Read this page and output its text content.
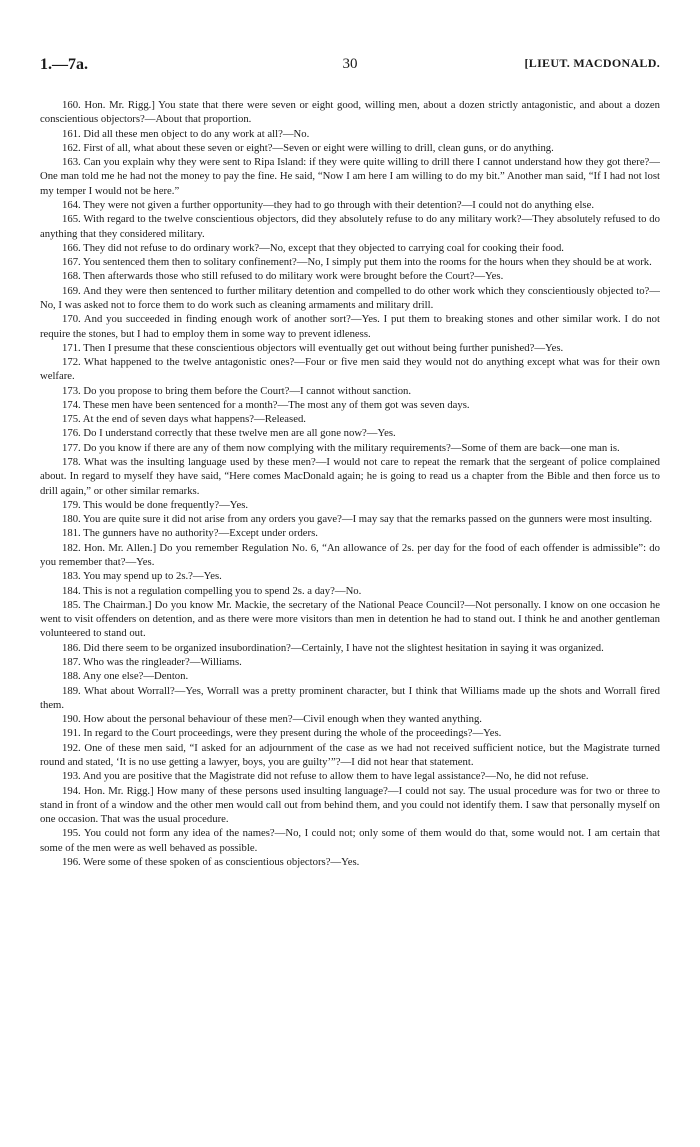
1.—7a.	30	[LIEUT. MACDONALD.

160. Hon. Mr. Rigg.] You state that there were seven or eight good, willing men, about a dozen strictly antagonistic, and about a dozen conscientious objectors?—About that proportion.

161. Did all these men object to do any work at all?—No.

162. First of all, what about these seven or eight?—Seven or eight were willing to drill, clean guns, or do anything.

163. Can you explain why they were sent to Ripa Island: if they were quite willing to drill there I cannot understand how they got there?—One man told me he had not the money to pay the fine. He said, “Now I am here I am willing to do my bit.” Another man said, “If I had not lost my temper I would not be here.”

164. They were not given a further opportunity—they had to go through with their detention?—I could not do anything else.

165. With regard to the twelve conscientious objectors, did they absolutely refuse to do any military work?—They absolutely refused to do anything that they considered military.

166. They did not refuse to do ordinary work?—No, except that they objected to carrying coal for cooking their food.

167. You sentenced them then to solitary confinement?—No, I simply put them into the rooms for the hours when they should be at work.

168. Then afterwards those who still refused to do military work were brought before the Court?—Yes.

169. And they were then sentenced to further military detention and compelled to do other work which they conscientiously objected to?—No, I was asked not to force them to do work such as cleaning armaments and military drill.

170. And you succeeded in finding enough work of another sort?—Yes. I put them to breaking stones and other similar work. I do not require the stones, but I had to employ them in some way to prevent idleness.

171. Then I presume that these conscientious objectors will eventually get out without being further punished?—Yes.

172. What happened to the twelve antagonistic ones?—Four or five men said they would not do anything except what was for their own welfare.

173. Do you propose to bring them before the Court?—I cannot without sanction.

174. These men have been sentenced for a month?—The most any of them got was seven days.

175. At the end of seven days what happens?—Released.

176. Do I understand correctly that these twelve men are all gone now?—Yes.

177. Do you know if there are any of them now complying with the military requirements?—Some of them are back—one man is.

178. What was the insulting language used by these men?—I would not care to repeat the remark that the sergeant of police complained about. In regard to myself they have said, “Here comes MacDonald again; he is going to read us a chapter from the Bible and then force us to drill again,” or other similar remarks.

179. This would be done frequently?—Yes.

180. You are quite sure it did not arise from any orders you gave?—I may say that the remarks passed on the gunners were most insulting.

181. The gunners have no authority?—Except under orders.

182. Hon. Mr. Allen.] Do you remember Regulation No. 6, “An allowance of 2s. per day for the food of each offender is admissible”: do you remember that?—Yes.

183. You may spend up to 2s.?—Yes.

184. This is not a regulation compelling you to spend 2s. a day?—No.

185. The Chairman.] Do you know Mr. Mackie, the secretary of the National Peace Council?—Not personally. I know on one occasion he went to visit offenders on detention, and as there were more visitors than men in detention he had to stand out. I think he and another gentleman volunteered to stand out.

186. Did there seem to be organized insubordination?—Certainly, I have not the slightest hesitation in saying it was organized.

187. Who was the ringleader?—Williams.

188. Any one else?—Denton.

189. What about Worrall?—Yes, Worrall was a pretty prominent character, but I think that Williams made up the shots and Worrall fired them.

190. How about the personal behaviour of these men?—Civil enough when they wanted anything.

191. In regard to the Court proceedings, were they present during the whole of the proceedings?—Yes.

192. One of these men said, “I asked for an adjournment of the case as we had not received sufficient notice, but the Magistrate turned round and stated, ‘It is no use getting a lawyer, boys, you are guilty’”?—I did not hear that statement.

193. And you are positive that the Magistrate did not refuse to allow them to have legal assistance?—No, he did not refuse.

194. Hon. Mr. Rigg.] How many of these persons used insulting language?—I could not say. The usual procedure was for two or three to stand in front of a window and the other men would call out from behind them, and you could not identify them. I saw that personally myself on one occasion. That was the usual procedure.

195. You could not form any idea of the names?—No, I could not; only some of them would do that, some would not. I am certain that some of the men were as well behaved as possible.

196. Were some of these spoken of as conscientious objectors?—Yes.
